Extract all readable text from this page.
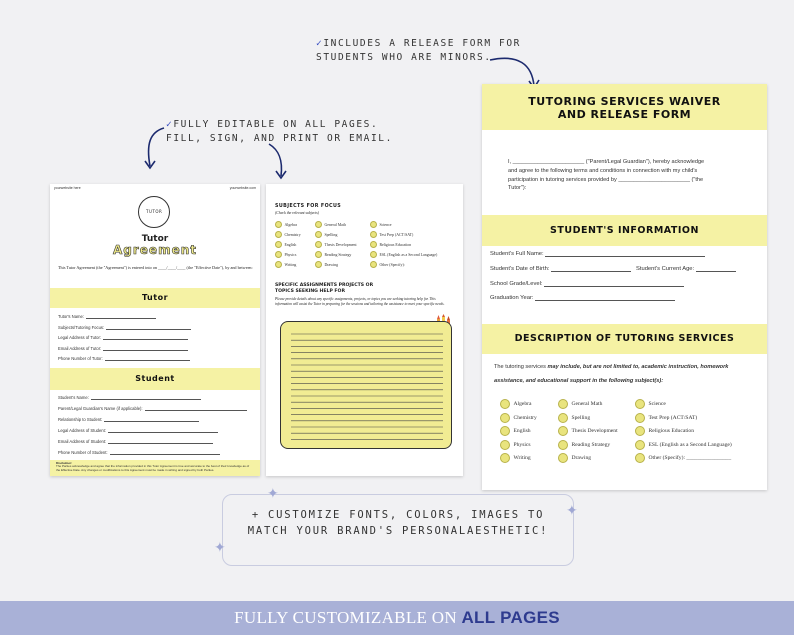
✓INCLUDES A RELEASE FORM FOR
STUDENTS WHO ARE MINORS.
✓FULLY EDITABLE ON ALL PAGES.
FILL, SIGN, AND PRINT OR EMAIL.
yourwebsite here	yourwebsite.com
TUTOR
Tutor
Agreement
This Tutor Agreement (the "Agreement") is entered into on ____/____/____ (the "Effective Date"), by and between:
Tutor
Student
Disclaimer:
The Parties acknowledge and agree that the information provided in this Tutor Agreement is true and accurate to the best of their knowledge as of the Effective Date. Any changes or modifications to this Agreement must be made in writing and signed by both Parties.
Tutor's Name:
Subjects/Tutoring Focus:
Legal Address of Tutor:
Email Address of Tutor:
Phone Number of Tutor:
Student's Name:
Parent/Legal Guardian's Name (if applicable):
Relationship to Student:
Legal Address of Student:
Email Address of Student:
Phone Number of Student:
SUBJECTS FOR FOCUS
(Check the relevant subjects)
SPECIFIC ASSIGNMENTS PROJECTS OR
TOPICS SEEKING HELP FOR
Please provide details about any specific assignments, projects, or topics you are seeking tutoring help for. This information will assist the Tutor in preparing for the sessions and tailoring the assistance to meet your specific needs.
Algebra
Chemistry
English
Physics
Writing
General Math
Spelling
Thesis Development
Reading Strategy
Drawing
Science
Test Prep (ACT/SAT)
Religious Education
ESL (English as a Second Language)
Other (Specify):
TUTORING SERVICES WAIVER
AND RELEASE FORM
I, _______________________ ("Parent/Legal Guardian"), hereby acknowledge
and agree to the following terms and conditions in connection with my child's
participation in tutoring services provided by _______________________ ("the
Tutor"):
STUDENT'S INFORMATION
Student's Full Name:
Student's Date of Birth:	Student's Current Age:
School Grade/Level:
Graduation Year:
DESCRIPTION OF TUTORING SERVICES
The tutoring services may include, but are not limited to, academic instruction, homework
assistance, and educational support in the following subject(s):
Algebra
Chemistry
English
Physics
Writing
General Math
Spelling
Thesis Development
Reading Strategy
Drawing
Science
Test Prep (ACT/SAT)
Religious Education
ESL (English as a Second Language)
Other (Specify): ________________
✦
✦
✦
+ CUSTOMIZE FONTS, COLORS, IMAGES TO
MATCH YOUR BRAND'S PERSONALAESTHETIC!
FULLY CUSTOMIZABLE ON ALL PAGES
